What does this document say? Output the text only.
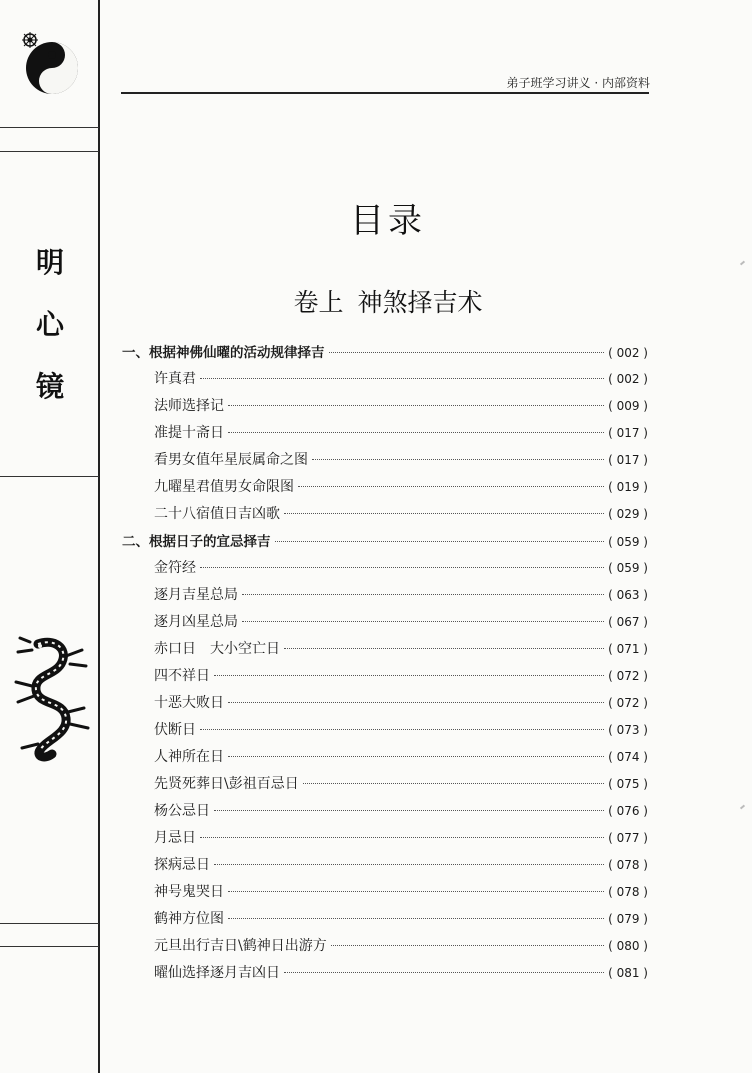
明
心
镜
弟子班学习讲义 · 内部资料
目录
卷上 神煞择吉术
一、根据神佛仙曜的活动规律择吉	( 002 )
许真君	( 002 )
法师选择记	( 009 )
准提十斋日	( 017 )
看男女值年星辰属命之图	( 017 )
九曜星君值男女命限图	( 019 )
二十八宿值日吉凶歌	( 029 )
二、根据日子的宜忌择吉	( 059 )
金符经	( 059 )
逐月吉星总局	( 063 )
逐月凶星总局	( 067 )
赤口日　大小空亡日	( 071 )
四不祥日	( 072 )
十恶大败日	( 072 )
伏断日	( 073 )
人神所在日	( 074 )
先贤死葬日\彭祖百忌日	( 075 )
杨公忌日	( 076 )
月忌日	( 077 )
探病忌日	( 078 )
神号鬼哭日	( 078 )
鹤神方位图	( 079 )
元旦出行吉日\鹤神日出游方	( 080 )
曜仙选择逐月吉凶日	( 081 )
